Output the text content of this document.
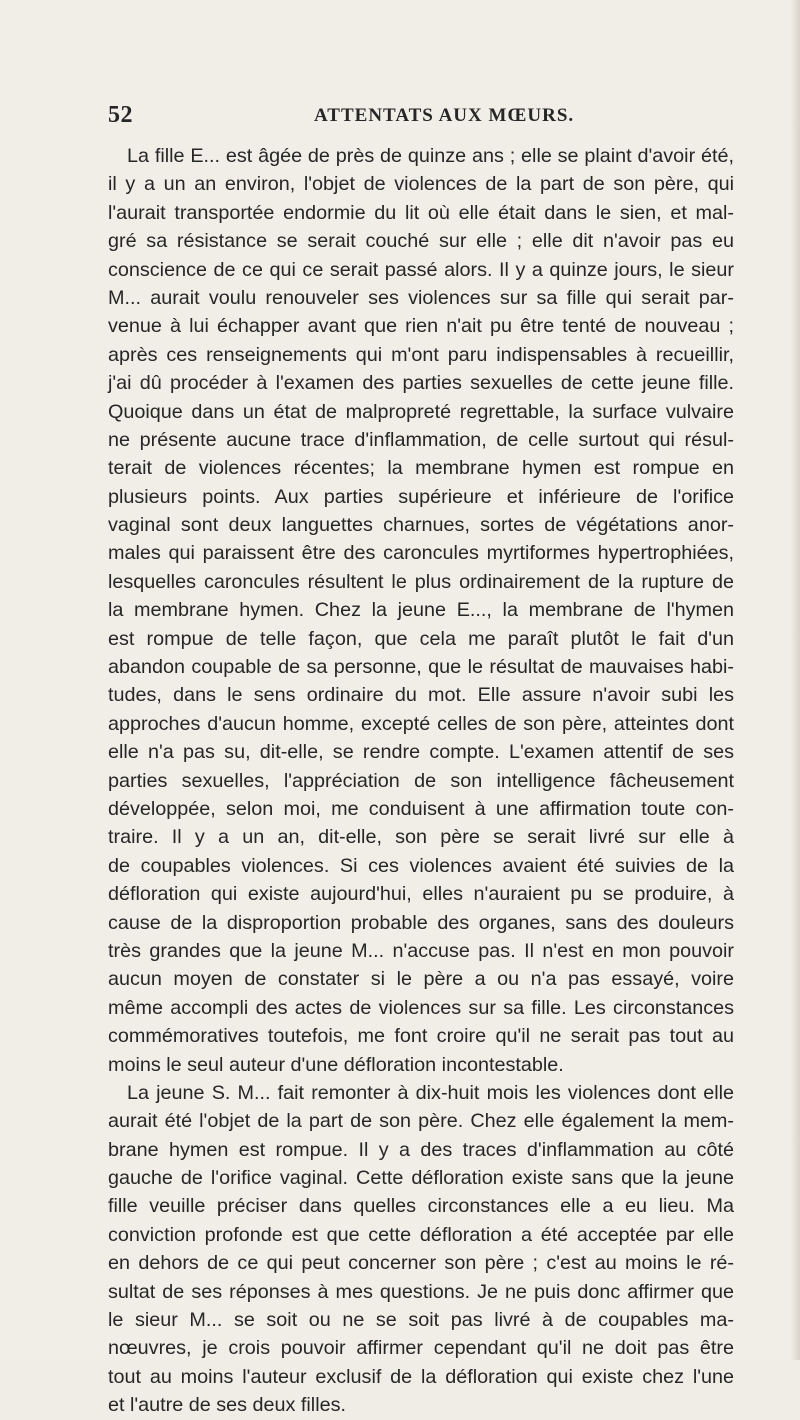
52	ATTENTATS AUX MŒURS.
La fille E... est âgée de près de quinze ans ; elle se plaint d'avoir été,
il y a un an environ, l'objet de violences de la part de son père, qui
l'aurait transportée endormie du lit où elle était dans le sien, et mal-
gré sa résistance se serait couché sur elle ; elle dit n'avoir pas eu
conscience de ce qui ce serait passé alors. Il y a quinze jours, le sieur
M... aurait voulu renouveler ses violences sur sa fille qui serait par-
venue à lui échapper avant que rien n'ait pu être tenté de nouveau ;
après ces renseignements qui m'ont paru indispensables à recueillir,
j'ai dû procéder à l'examen des parties sexuelles de cette jeune fille.
Quoique dans un état de malpropreté regrettable, la surface vulvaire
ne présente aucune trace d'inflammation, de celle surtout qui résul-
terait de violences récentes; la membrane hymen est rompue en
plusieurs points. Aux parties supérieure et inférieure de l'orifice
vaginal sont deux languettes charnues, sortes de végétations anor-
males qui paraissent être des caroncules myrtiformes hypertrophiées,
lesquelles caroncules résultent le plus ordinairement de la rupture de
la membrane hymen. Chez la jeune E..., la membrane de l'hymen
est rompue de telle façon, que cela me paraît plutôt le fait d'un
abandon coupable de sa personne, que le résultat de mauvaises habi-
tudes, dans le sens ordinaire du mot. Elle assure n'avoir subi les
approches d'aucun homme, excepté celles de son père, atteintes dont
elle n'a pas su, dit-elle, se rendre compte. L'examen attentif de ses
parties sexuelles, l'appréciation de son intelligence fâcheusement
développée, selon moi, me conduisent à une affirmation toute con-
traire. Il y a un an, dit-elle, son père se serait livré sur elle à
de coupables violences. Si ces violences avaient été suivies de la
défloration qui existe aujourd'hui, elles n'auraient pu se produire, à
cause de la disproportion probable des organes, sans des douleurs
très grandes que la jeune M... n'accuse pas. Il n'est en mon pouvoir
aucun moyen de constater si le père a ou n'a pas essayé, voire
même accompli des actes de violences sur sa fille. Les circonstances
commémoratives toutefois, me font croire qu'il ne serait pas tout au
moins le seul auteur d'une défloration incontestable.
La jeune S. M... fait remonter à dix-huit mois les violences dont elle
aurait été l'objet de la part de son père. Chez elle également la mem-
brane hymen est rompue. Il y a des traces d'inflammation au côté
gauche de l'orifice vaginal. Cette défloration existe sans que la jeune
fille veuille préciser dans quelles circonstances elle a eu lieu. Ma
conviction profonde est que cette défloration a été acceptée par elle
en dehors de ce qui peut concerner son père ; c'est au moins le ré-
sultat de ses réponses à mes questions. Je ne puis donc affirmer que
le sieur M... se soit ou ne se soit pas livré à de coupables ma-
nœuvres, je crois pouvoir affirmer cependant qu'il ne doit pas être
tout au moins l'auteur exclusif de la défloration qui existe chez l'une
et l'autre de ses deux filles.
